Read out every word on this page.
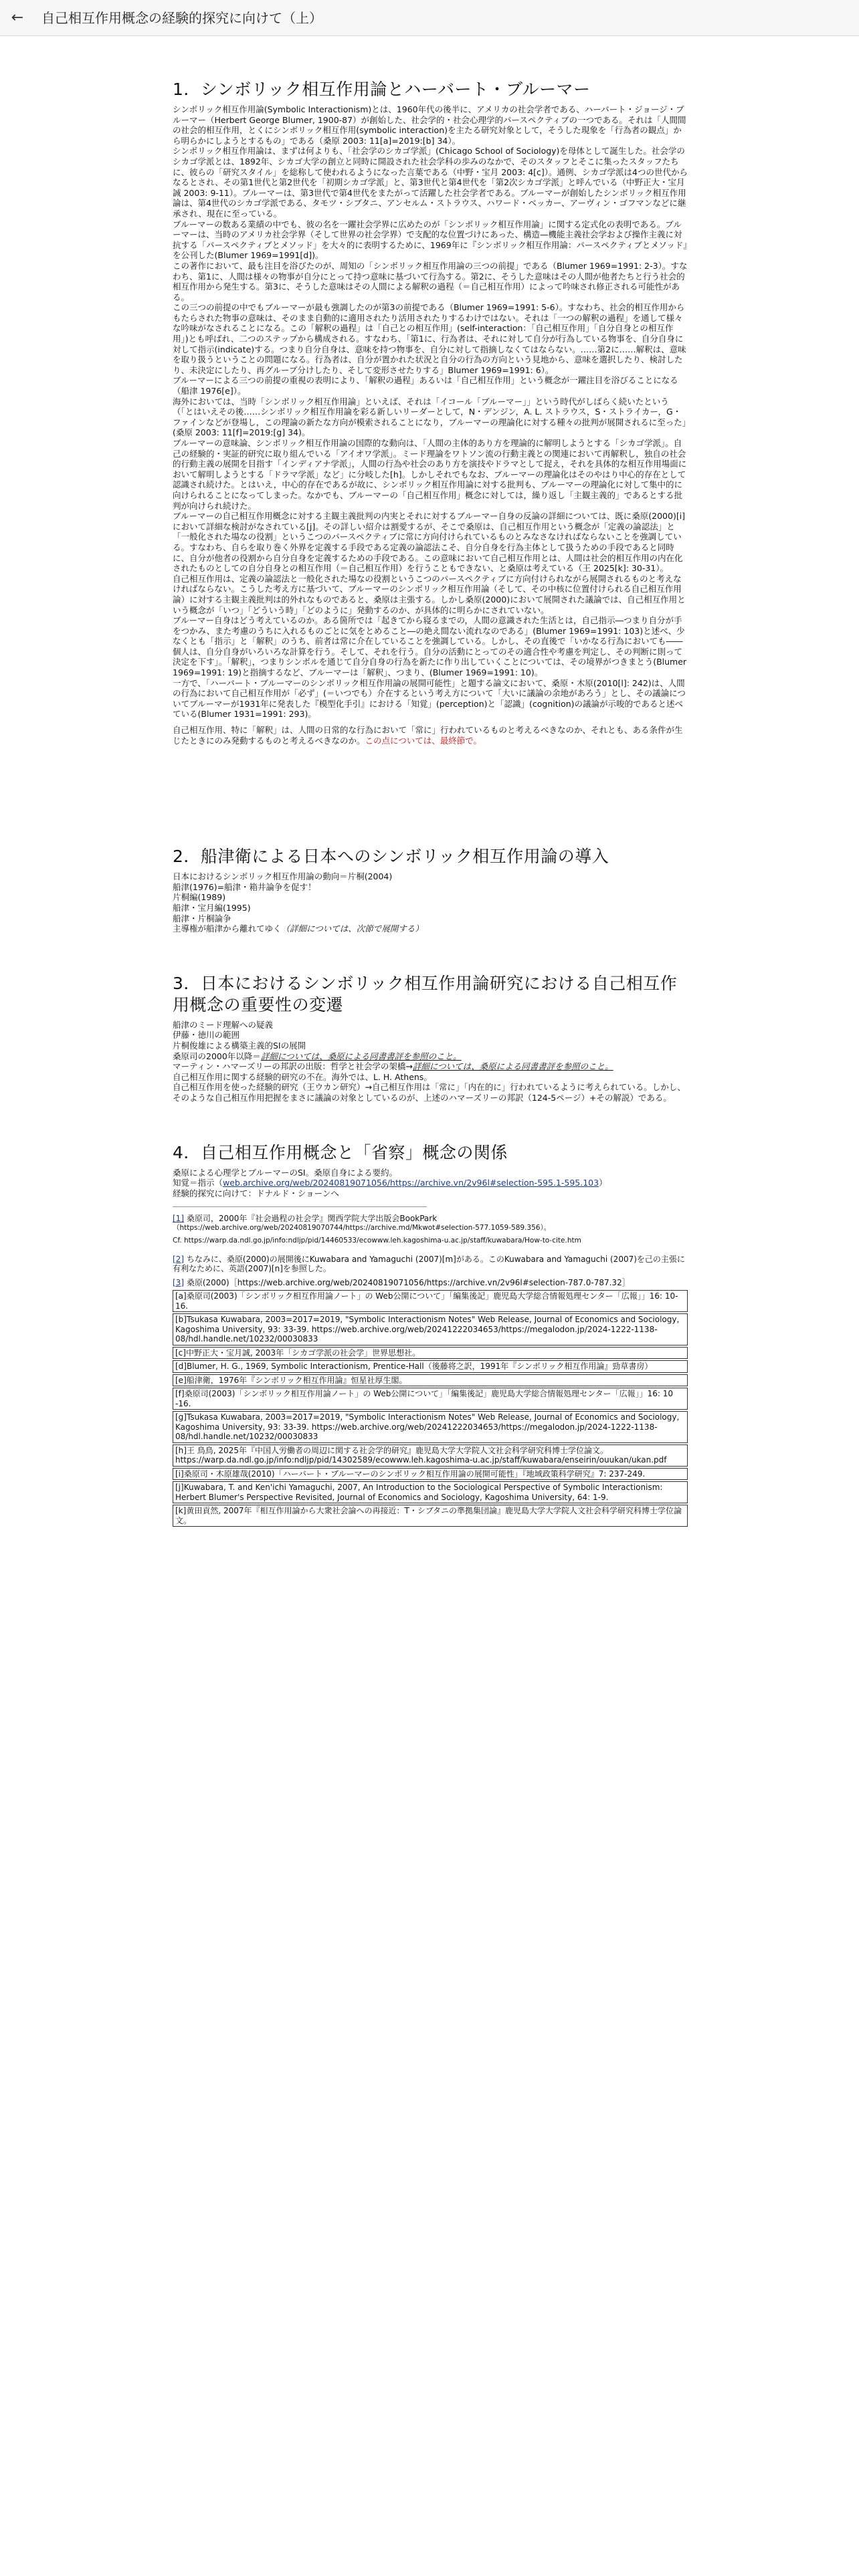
←	自己相互作用概念の経験的探究に向けて（上）
1．シンボリック相互作用論とハーバート・ブルーマー

シンボリック相互作用論(Symbolic Interactionism)とは、1960年代の後半に、アメリカの社会学者である、ハーバート・ジョージ・ブルーマー（Herbert George Blumer, 1900-87）が創始した、社会学的・社会心理学的パースペクティブの一つである。それは「人間間の社会的相互作用，とくにシンボリック相互作用(symbolic interaction)を主たる研究対象として，そうした現象を「行為者の観点」から明らかにしようとするもの」である（桑原 2003: 11[a]=2019:[b] 34）。

シンボリック相互作用論は、まずは何よりも、「社会学のシカゴ学派」(Chicago School of Sociology)を母体として誕生した。社会学のシカゴ学派とは、1892年、シカゴ大学の創立と同時に開設された社会学科の歩みのなかで、そのスタッフとそこに集ったスタッフたちに、彼らの「研究スタイル」を総称して使われるようになった言葉である（中野・宝月 2003: 4[c]）。通例、シカゴ学派は4つの世代からなるとされ、その第1世代と第2世代を「初期シカゴ学派」と、第3世代と第4世代を「第2次シカゴ学派」と呼んでいる（中野正大・宝月誠 2003: 9-11）。ブルーマーは、第3世代で第4世代をまたがって活躍した社会学者である。ブルーマーが創始したシンボリック相互作用論は、第4世代のシカゴ学派である、タモツ・シブタニ、アンセルム・ストラウス、ハワード・ベッカー、アーヴィン・ゴフマンなどに継承され、現在に至っている。

ブルーマーの数ある業績の中でも、彼の名を一躍社会学界に広めたのが「シンボリック相互作用論」に関する定式化の表明である。ブルーマーは、当時のアメリカ社会学界（そして世界の社会学界）で支配的な位置づけにあった、構造—機能主義社会学および操作主義に対抗する「パースペクティブとメソッド」を大々的に表明するために、1969年に『シンボリック相互作用論：パースペクティブとメソッド』を公刊した(Blumer 1969=1991[d])。

この著作において、最も注目を浴びたのが、周知の「シンボリック相互作用論の三つの前提」である（Blumer 1969=1991: 2-3）。すなわち、第1に、人間は様々の物事が自分にとって持つ意味に基づいて行為する。第2に、そうした意味はその人間が他者たちと行う社会的相互作用から発生する。第3に、そうした意味はその人間による解釈の過程（＝自己相互作用）によって吟味され修正される可能性がある。

この三つの前提の中でもブルーマーが最も強調したのが第3の前提である（Blumer 1969=1991: 5-6）。すなわち、社会的相互作用からもたらされた物事の意味は、そのまま自動的に適用されたり活用されたりするわけではない。それは「一つの解釈の過程」を通して様々な吟味がなされることになる。この「解釈の過程」は「自己との相互作用」(self-interaction：「自己相互作用」「自分自身との相互作用」)とも呼ばれ、二つのステップから構成される。すなわち、「第1に、行為者は、それに対して自分が行為している物事を、自分自身に対して指示(indicate)する。つまり自分自身は、意味を持つ物事を、自分に対して指摘しなくてはならない。……第2に……解釈は、意味を取り扱うということの問題になる。行為者は、自分が置かれた状況と自分の行為の方向という見地から、意味を選択したり、検討したり、未決定にしたり、再グループ分けしたり、そして変形させたりする」Blumer 1969=1991: 6）。

ブルーマーによる三つの前提の重視の表明により、「解釈の過程」あるいは「自己相互作用」という概念が一躍注目を浴びることになる（船津 1976[e]）。

海外においては、当時「シンボリック相互作用論」といえば、それは「イコール「ブルーマー」」という時代がしばらく続いたという（「とはいえその後……シンボリック相互作用論を彩る新しいリーダーとして，N・デンジン，A. L. ストラウス，S・ストライカー，G・ファインなどが登場し，この理論の新たな方向が模索されることになり，ブルーマーの理論化に対する種々の批判が展開されるに至った」(桑原 2003: 11[f]=2019:[g] 34)。

ブルーマーの意味論、シンボリック相互作用論の国際的な動向は、「人間の主体的あり方を理論的に解明しようとする「シカゴ学派」。自己の経験的・実証的研究に取り組んでいる「アイオワ学派」。ミード理論をワトソン流の行動主義との関連において再解釈し，独自の社会的行動主義の展開を目指す「インディアナ学派」，人間の行為や社会のあり方を演技やドラマとして捉え，それを具体的な相互作用場面において解明しようとする「ドラマ学派」など」に分岐した[h]。しかしそれでもなお、ブルーマーの理論化はそのやはり中心的存在として認識され続けた。とはいえ，中心的存在であるが故に、シンボリック相互作用論に対する批判も、ブルーマーの理論化に対して集中的に向けられることになってしまった。なかでも、ブルーマーの「自己相互作用」概念に対しては，繰り返し「主観主義的」であるとする批判が向けられ続けた。

ブルーマーの自己相互作用概念に対する主観主義批判の内実とそれに対するブルーマー自身の反論の詳細については、既に桑原(2000)[i]において詳細な検討がなされている[j]。その詳しい紹介は割愛するが、そこで桑原は、自己相互作用という概念が「定義の論認法」と「一般化された場なの役割」というこつのパースペクティブに常に方向付けられているものとみなさなければならないことを強調している。すなわち、自らを取り巻く外界を定義する手段である定義の論認法こそ、自分自身を行為主体として扱うための手段であると同時に、自分が他者の役割から自分自身を定義するための手段である。この意味において自己相互作用とは、人間は社会的相互作用の内在化されたものとしての自分自身との相互作用（＝自己相互作用）を行うこともできない、と桑原は考えている（王 2025[k]: 30-31）。

自己相互作用は、定義の論認法と一般化された場なの役割というこつのパースペクティブに方向付けられながら展開されるものと考えなければならない。こうした考え方に基づいて、ブルーマーのシンボリック相互作用論（そして、その中核に位置付けられる自己相互作用論）に対する主観主義批判は的外れなものであると、桑原は主張する。しかし桑原(2000)において展開された議論では、自己相互作用という概念が「いつ」「どういう時」「どのように」発動するのか、が具体的に明らかにされていない。

ブルーマー自身はどう考えているのか。ある箇所では「起きてから寝るまでの，人間の意識された生活とは，自己指示―つまり自分が手をつかみ、また考慮のうちに入れるものごとに気をとめること―の絶え間ない流れなのである」(Blumer 1969=1991: 103)と述べ、少なくとも「指示」と「解釈」のうち、前者は常に介在していることを強調している。しかし、その直後で「いかなる行為においても――個人は、自分自身がいろいろな計算を行う。そして、それを行う。自分の活動にとってのその適合性や考慮を判定し、その判断に則って決定を下す」。「解釈」，つまりシンボルを通じて自分自身の行為を新たに作り出していくことについては、その境界がつきまとう(Blumer 1969=1991: 19)と指摘するなど、ブルーマーは「解釈」、つまり、(Blumer 1969=1991: 10)。

一方で、「ハーバート・ブルーマーのシンボリック相互作用論の展開可能性」と題する論文において、桑原・木原(2010[l]: 242)は、人間の行為において自己相互作用が「必ず」(＝いつでも）介在するという考え方について「大いに議論の余地があろう」とし、その議論についてブルーマーが1931年に発表した『模型化手引』における「知覚」(perception)と「認識」(cognition)の議論が示唆的であると述べている(Blumer 1931=1991: 293)。

自己相互作用、特に「解釈」は、人間の日常的な行為において「常に」行われているものと考えるべきなのか、それとも、ある条件が生じたときにのみ発動するものと考えるべきなのか。この点については、最終節で。

2．船津衛による日本へのシンボリック相互作用論の導入

日本におけるシンボリック相互作用論の動向＝片桐(2004)

船津(1976)=船津・箱井論争を促す！

片桐編(1989)

船津・宝月編(1995)

船津・片桐論争

主導権が船津から離れてゆく（詳細については、次節で展開する）

3．日本におけるシンボリック相互作用論研究における自己相互作用概念の重要性の変遷

船津のミード理解への疑義

伊藤・徳川の範囲

片桐俊雄による構築主義的SIの展開

桑原司の2000年以降＝詳細については、桑原による同書書評を参照のこと。

マーティン・ハマーズリーの邦訳の出版：哲学と社会学の架橋→詳細については、桑原による同書書評を参照のこと。

自己相互作用に関する経験的研究の不在。海外では、L. H. Athens。

自己相互作用を使った経験的研究（王ウカン研究）→自己相互作用は「常に」「内在的に」行われているように考えられている。しかし、そのような自己相互作用把握をまさに議論の対象としているのが、上述のハマーズリーの邦訳（124-5ページ）+その解説）である。

4．自己相互作用概念と「省察」概念の関係

桑原による心理学とブルーマーのSI。桑原自身による要約。

知覚＝指示（web.archive.org/web/20240819071056/https://archive.vn/2v96l#selection-595.1-595.103）

経験的探究に向けて：ドナルド・ショーンへ

[1] 桑原司，2000年『社会過程の社会学』関西学院大学出版会BookPark

（https://web.archive.org/web/20240819070744/https://archive.md/Mkwot#selection-577.1059-589.356）。

Cf. https://warp.da.ndl.go.jp/info:ndljp/pid/14460533/ecowww.leh.kagoshima-u.ac.jp/staff/kuwabara/How-to-cite.htm

[2] ちなみに、桑原(2000)の展開後にKuwabara and Yamaguchi (2007)[m]がある。このKuwabara and Yamaguchi (2007)を己の主張に有利なために、英語(2007)[n]を参照した。

[3] 桑原(2000)［https://web.archive.org/web/20240819071056/https://archive.vn/2v96l#selection-787.0-787.32］

[a]桑原司(2003)「シンボリック相互作用論ノート」の Web公開について」「編集後記」鹿児島大学総合情報処理センター「広報」」16: 10-16.
[b]Tsukasa Kuwabara, 2003=2017=2019, "Symbolic Interactionism Notes" Web Release, Journal of Economics and Sociology, Kagoshima University, 93: 33-39. https://web.archive.org/web/20241222034653/https://megalodon.jp/2024-1222-1138-08/hdl.handle.net/10232/00030833
[c]中野正大・宝月誠, 2003年「シカゴ学派の社会学」世界思想社。
[d]Blumer, H. G., 1969, Symbolic Interactionism, Prentice-Hall（後藤将之訳，1991年『シンボリック相互作用論』勁草書房）
[e]船津衛，1976年『シンボリック相互作用論』恒星社厚生閣。
[f]桑原司(2003)「シンボリック相互作用論ノート」の Web公開について」「編集後記」鹿児島大学総合情報処理センター「広報」」16: 10 -16.
[g]Tsukasa Kuwabara, 2003=2017=2019, "Symbolic Interactionism Notes" Web Release, Journal of Economics and Sociology, Kagoshima University, 93: 33-39. https://web.archive.org/web/20241222034653/https://megalodon.jp/2024-1222-1138-08/hdl.handle.net/10232/00030833
[h]王 鳥鳥, 2025年『中国人労働者の周辺に関する社会学的研究』鹿児島大学大学院人文社会科学研究科博士学位論文。 https://warp.da.ndl.go.jp/info:ndljp/pid/14302589/ecowww.leh.kagoshima-u.ac.jp/staff/kuwabara/enseirin/ouukan/ukan.pdf
[i]桑原司・木原雄哉(2010)「ハーバート・ブルーマーのシンボリック相互作用論の展開可能性」『地域政策科学研究』7: 237-249.
[j]Kuwabara, T. and Ken'ichi Yamaguchi, 2007, An Introduction to the Sociological Perspective of Symbolic Interactionism: Herbert Blumer's Perspective Revisited, Journal of Economics and Sociology, Kagoshima University, 64: 1-9.
[k]黄田貢然, 2007年『相互作用論から大衆社会論への再接近：T・シブタニの準拠集団論』鹿児島大学大学院人文社会科学研究科博士学位論文。
